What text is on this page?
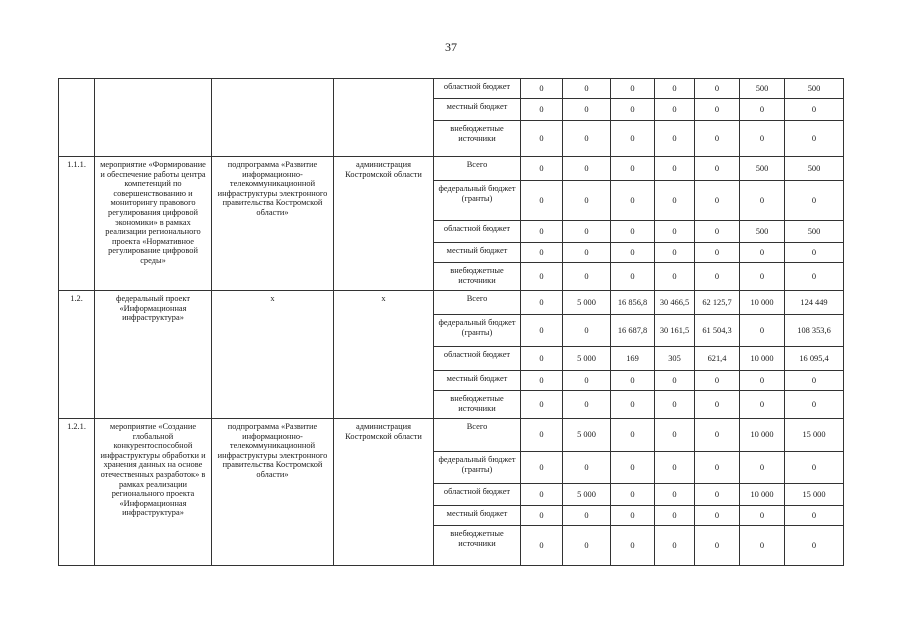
37
				областной бюджет	0	0	0	0	0	500	500
				местный бюджет	0	0	0	0	0	0	0
				внебюджетные источники	0	0	0	0	0	0	0
1.1.1.	мероприятие «Формирование и обеспечение работы центра компетенций по совершенствованию и мониторингу правового регулирования цифровой экономики» в рамках реализации регионального проекта «Нормативное регулирование цифровой среды»	подпрограмма «Развитие информационно-телекоммуникационной инфраструктуры электронного правительства Костромской области»	администрация Костромской области	Всего	0	0	0	0	0	500	500
				федеральный бюджет (гранты)	0	0	0	0	0	0	0
				областной бюджет	0	0	0	0	0	500	500
				местный бюджет	0	0	0	0	0	0	0
				внебюджетные источники	0	0	0	0	0	0	0
1.2.	федеральный проект «Информационная инфраструктура»	х	х	Всего	0	5 000	16 856,8	30 466,5	62 125,7	10 000	124 449
				федеральный бюджет (гранты)	0	0	16 687,8	30 161,5	61 504,3	0	108 353,6
				областной бюджет	0	5 000	169	305	621,4	10 000	16 095,4
				местный бюджет	0	0	0	0	0	0	0
				внебюджетные источники	0	0	0	0	0	0	0
1.2.1.	мероприятие «Создание глобальной конкурентоспособной инфраструктуры обработки и хранения данных на основе отечественных разработок» в рамках реализации регионального проекта «Информационная инфраструктура»	подпрограмма «Развитие информационно-телекоммуникационной инфраструктуры электронного правительства Костромской области»	администрация Костромской области	Всего	0	5 000	0	0	0	10 000	15 000
				федеральный бюджет (гранты)	0	0	0	0	0	0	0
				областной бюджет	0	5 000	0	0	0	10 000	15 000
				местный бюджет	0	0	0	0	0	0	0
				внебюджетные источники	0	0	0	0	0	0	0
